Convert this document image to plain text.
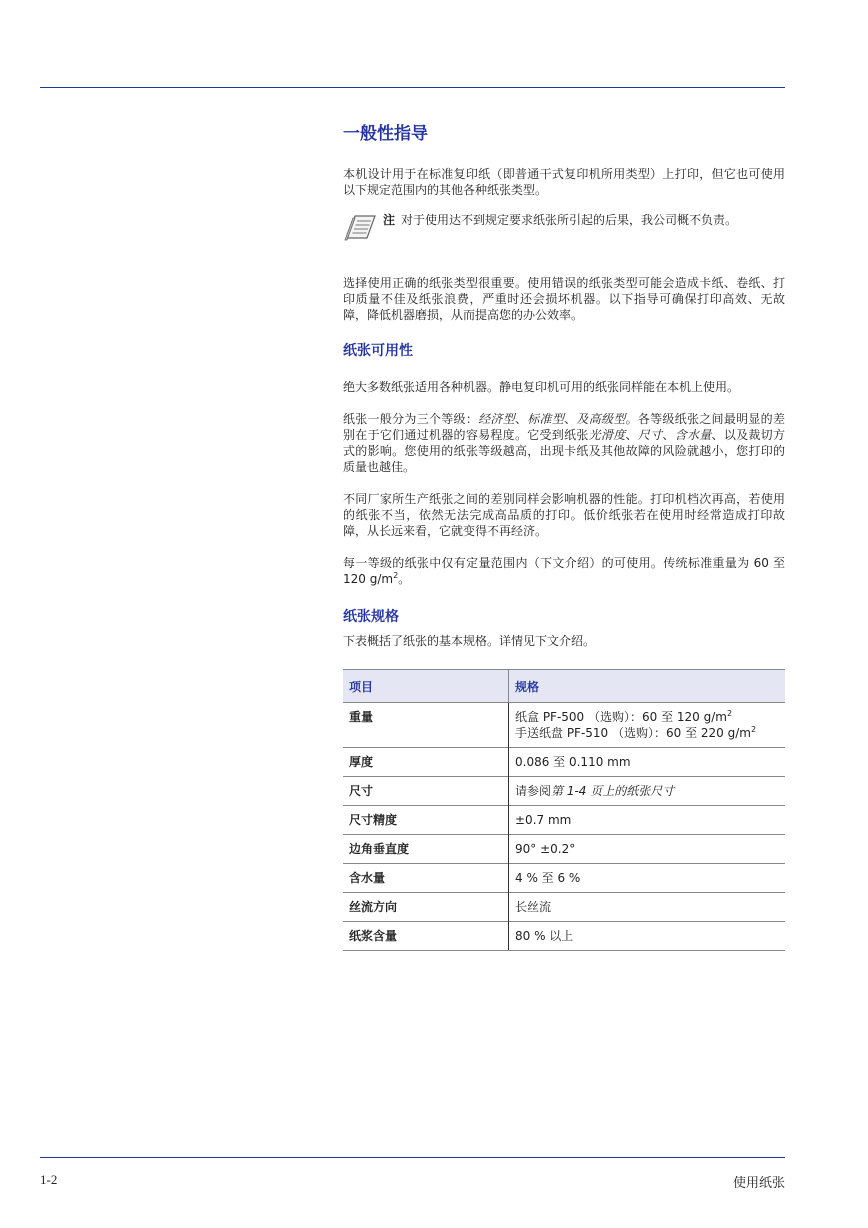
一般性指导

本机设计用于在标准复印纸（即普通干式复印机所用类型）上打印，但它也可使用以下规定范围内的其他各种纸张类型。

注 对于使用达不到规定要求纸张所引起的后果，我公司概不负责。

选择使用正确的纸张类型很重要。使用错误的纸张类型可能会造成卡纸、卷纸、打印质量不佳及纸张浪费，严重时还会损坏机器。以下指导可确保打印高效、无故障，降低机器磨损，从而提高您的办公效率。

纸张可用性

绝大多数纸张适用各种机器。静电复印机可用的纸张同样能在本机上使用。

纸张一般分为三个等级：经济型、标准型、及高级型。各等级纸张之间最明显的差别在于它们通过机器的容易程度。它受到纸张光滑度、尺寸、含水量、以及裁切方式的影响。您使用的纸张等级越高，出现卡纸及其他故障的风险就越小，您打印的质量也越佳。

不同厂家所生产纸张之间的差别同样会影响机器的性能。打印机档次再高，若使用的纸张不当，依然无法完成高品质的打印。低价纸张若在使用时经常造成打印故障，从长远来看，它就变得不再经济。

每一等级的纸张中仅有定量范围内（下文介绍）的可使用。传统标准重量为 60 至 120 $g/m^2$。

纸张规格

下表概括了纸张的基本规格。详情见下文介绍。

项目	规格
重量	纸盒 PF-500 （选购）：60 至 120 $g/m^2$
手送纸盘 PF-510 （选购）：60 至 220 $g/m^2$
厚度	0.086 至 0.110 mm
尺寸	请参阅第 1-4 页上的纸张尺寸
尺寸精度	±0.7 mm
边角垂直度	90° ±0.2°
含水量	4 % 至 6 %
丝流方向	长丝流
纸浆含量	80 % 以上
1-2	使用纸张
